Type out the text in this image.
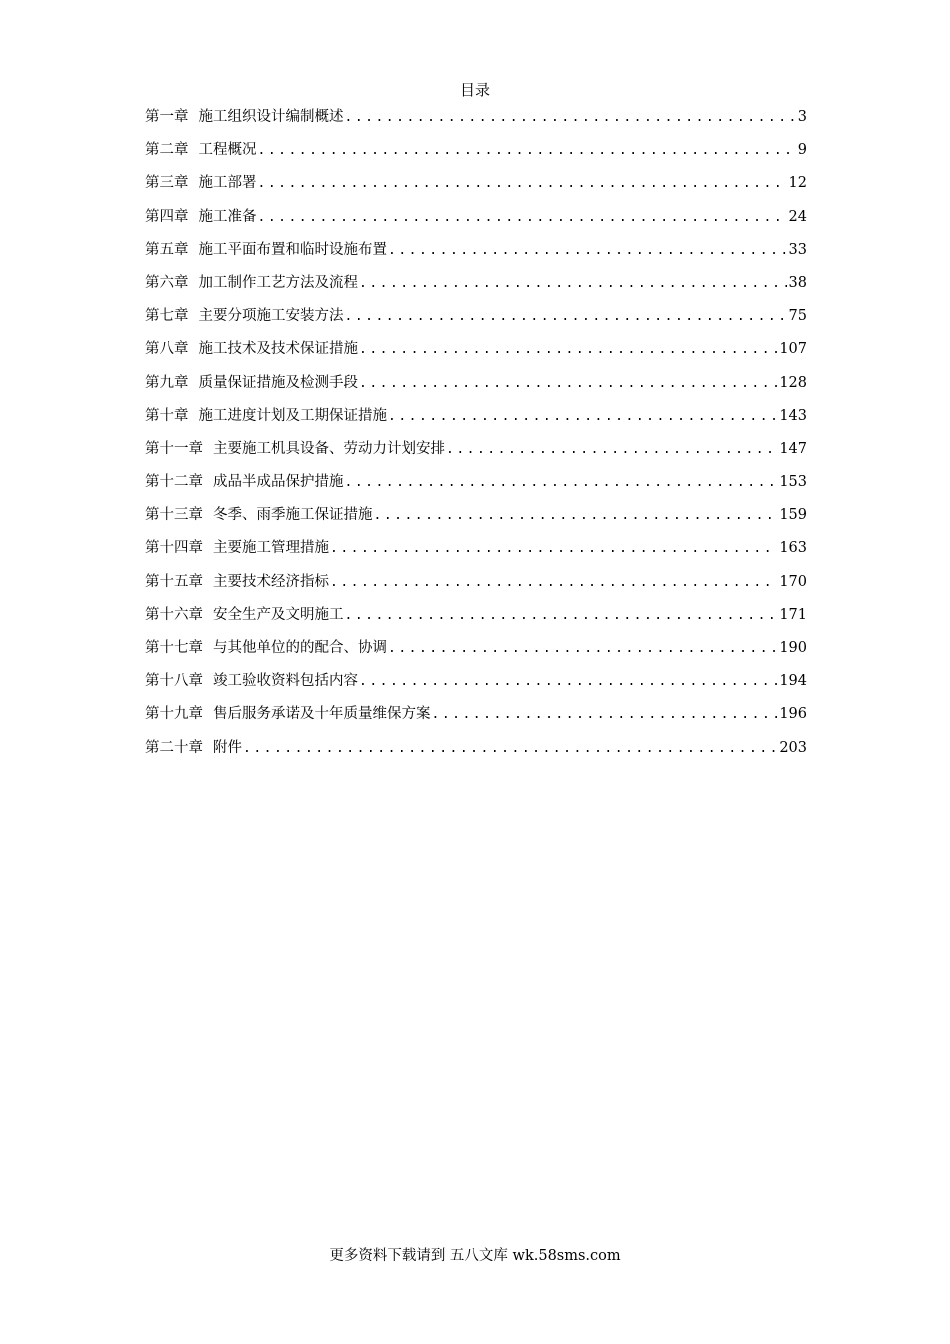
目录
第一章 施工组织设计编制概述 .....	3
第二章 工程概况 .....	9
第三章 施工部署 .....	12
第四章 施工准备 .....	24
第五章 施工平面布置和临时设施布置 .....	33
第六章 加工制作工艺方法及流程 .....	38
第七章 主要分项施工安装方法 .....	75
第八章 施工技术及技术保证措施 .....	107
第九章 质量保证措施及检测手段 .....	128
第十章 施工进度计划及工期保证措施 .....	143
第十一章 主要施工机具设备、劳动力计划安排 .....	147
第十二章 成品半成品保护措施 .....	153
第十三章 冬季、雨季施工保证措施 .....	159
第十四章 主要施工管理措施 .....	163
第十五章 主要技术经济指标 .....	170
第十六章 安全生产及文明施工 .....	171
第十七章 与其他单位的的配合、协调 .....	190
第十八章 竣工验收资料包括内容 .....	194
第十九章 售后服务承诺及十年质量维保方案 .....	196
第二十章 附件 .....	203
更多资料下载请到 五八文库 wk.58sms.com
